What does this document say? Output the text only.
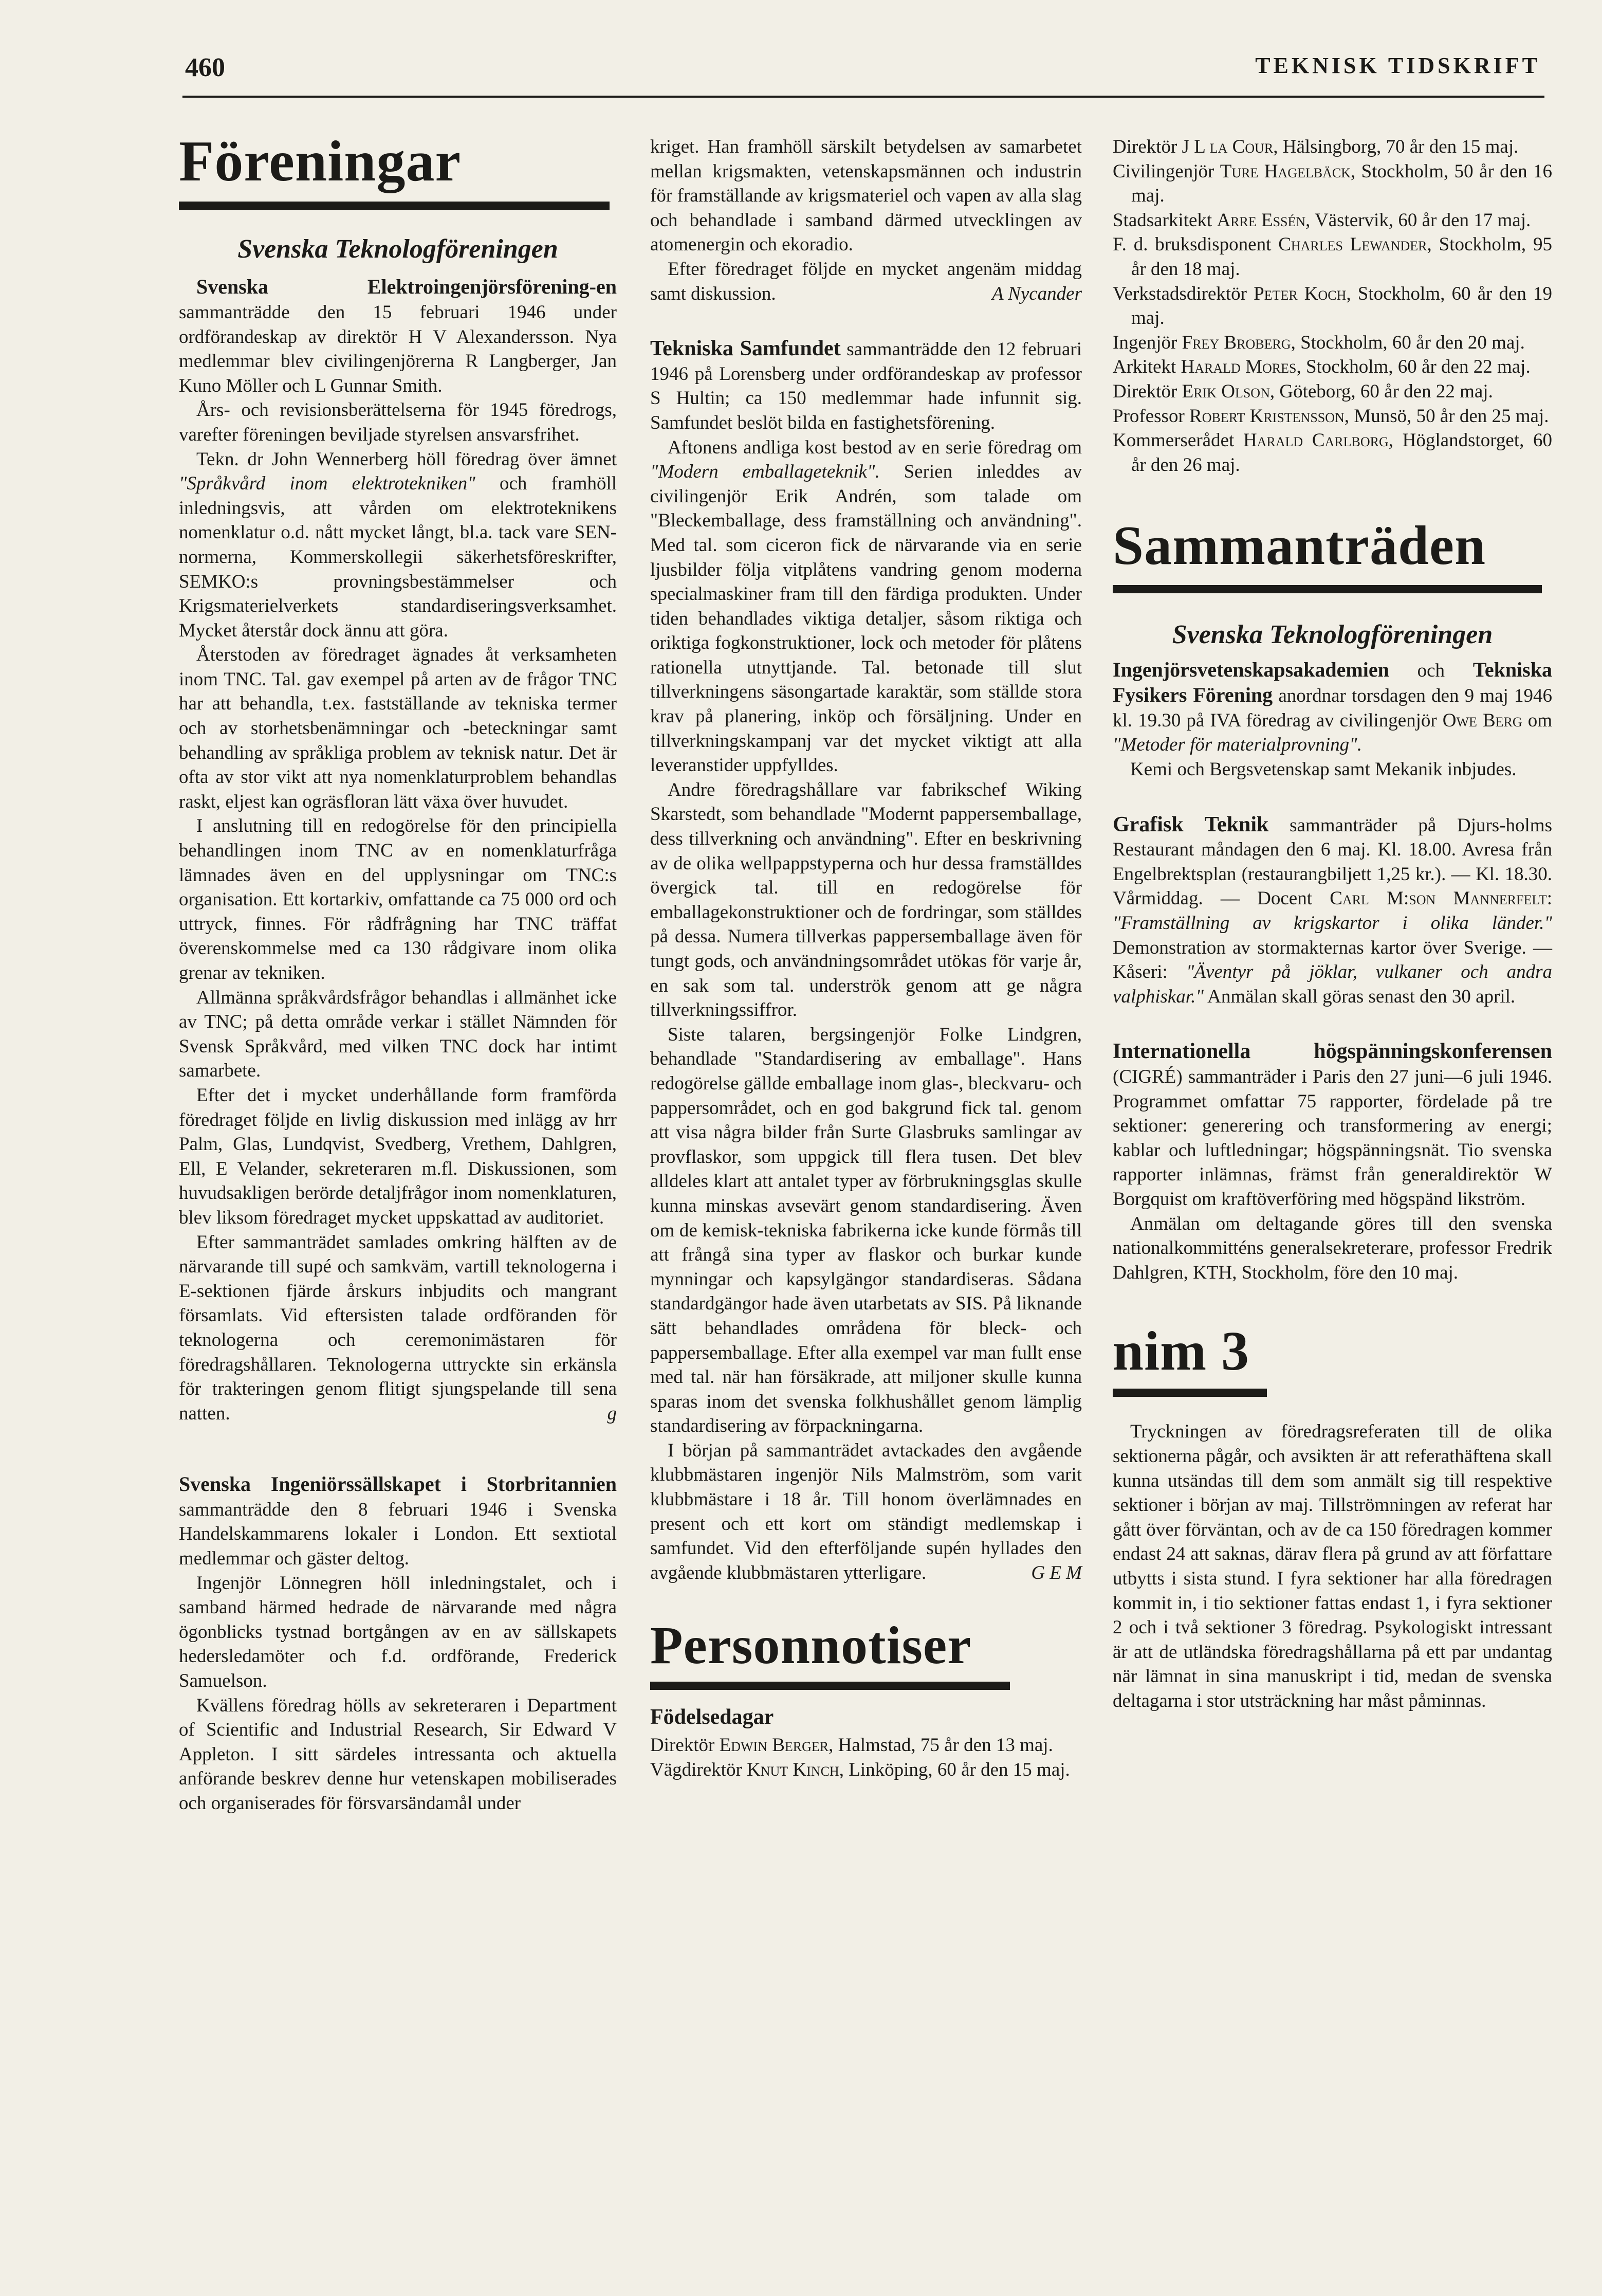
460	TEKNISK TIDSKRIFT
Föreningar
Svenska Teknologföreningen

Svenska Elektroingenjörsförening-en sammanträdde den 15 februari 1946 under ordförandeskap av direktör H V Alexandersson. Nya medlemmar blev civilingenjörerna R Langberger, Jan Kuno Möller och L Gunnar Smith.

Års- och revisionsberättelserna för 1945 föredrogs, varefter föreningen beviljade styrelsen ansvarsfrihet.

Tekn. dr John Wennerberg höll föredrag över ämnet "Språkvård inom elektrotekniken" och framhöll inledningsvis, att vården om elektroteknikens nomenklatur o.d. nått mycket långt, bl.a. tack vare SEN-normerna, Kommerskollegii säkerhetsföreskrifter, SEMKO:s provningsbestämmelser och Krigsmaterielverkets standardiseringsverksamhet. Mycket återstår dock ännu att göra.

Återstoden av föredraget ägnades åt verksamheten inom TNC. Tal. gav exempel på arten av de frågor TNC har att behandla, t.ex. fastställande av tekniska termer och av storhetsbenämningar och -beteckningar samt behandling av språkliga problem av teknisk natur. Det är ofta av stor vikt att nya nomenklaturproblem behandlas raskt, eljest kan ogräsfloran lätt växa över huvudet.

I anslutning till en redogörelse för den principiella behandlingen inom TNC av en nomenklaturfråga lämnades även en del upplysningar om TNC:s organisation. Ett kortarkiv, omfattande ca 75 000 ord och uttryck, finnes. För rådfrågning har TNC träffat överenskommelse med ca 130 rådgivare inom olika grenar av tekniken.

Allmänna språkvårdsfrågor behandlas i allmänhet icke av TNC; på detta område verkar i stället Nämnden för Svensk Språkvård, med vilken TNC dock har intimt samarbete.

Efter det i mycket underhållande form framförda föredraget följde en livlig diskussion med inlägg av hrr Palm, Glas, Lundqvist, Svedberg, Vrethem, Dahlgren, Ell, E Velander, sekreteraren m.fl. Diskussionen, som huvudsakligen berörde detaljfrågor inom nomenklaturen, blev liksom föredraget mycket uppskattad av auditoriet.

Efter sammanträdet samlades omkring hälften av de närvarande till supé och samkväm, vartill teknologerna i E-sektionen fjärde årskurs inbjudits och mangrant församlats. Vid eftersisten talade ordföranden för teknologerna och ceremonimästaren för föredragshållaren. Teknologerna uttryckte sin erkänsla för trakteringen genom flitigt sjungspelande till sena natten.	g

Svenska Ingeniörssällskapet i Storbritannien sammanträdde den 8 februari 1946 i Svenska Handelskammarens lokaler i London. Ett sextiotal medlemmar och gäster deltog.

Ingenjör Lönnegren höll inledningstalet, och i samband härmed hedrade de närvarande med några ögonblicks tystnad bortgången av en av sällskapets hedersledamöter och f.d. ordförande, Frederick Samuelson.

Kvällens föredrag hölls av sekreteraren i Department of Scientific and Industrial Research, Sir Edward V Appleton. I sitt särdeles intressanta och aktuella anförande beskrev denne hur vetenskapen mobiliserades och organiserades för försvarsändamål under

kriget. Han framhöll särskilt betydelsen av samarbetet mellan krigsmakten, vetenskapsmännen och industrin för framställande av krigsmateriel och vapen av alla slag och behandlade i samband därmed utvecklingen av atomenergin och ekoradio.

Efter föredraget följde en mycket angenäm middag samt diskussion.	A Nycander

Tekniska Samfundet sammanträdde den 12 februari 1946 på Lorensberg under ordförandeskap av professor S Hultin; ca 150 medlemmar hade infunnit sig. Samfundet beslöt bilda en fastighetsförening.

Aftonens andliga kost bestod av en serie föredrag om "Modern emballageteknik". Serien inleddes av civilingenjör Erik Andrén, som talade om "Bleckemballage, dess framställning och användning". Med tal. som ciceron fick de närvarande via en serie ljusbilder följa vitplåtens vandring genom moderna specialmaskiner fram till den färdiga produkten. Under tiden behandlades viktiga detaljer, såsom riktiga och oriktiga fogkonstruktioner, lock och metoder för plåtens rationella utnyttjande. Tal. betonade till slut tillverkningens säsongartade karaktär, som ställde stora krav på planering, inköp och försäljning. Under en tillverkningskampanj var det mycket viktigt att alla leveranstider uppfylldes.

Andre föredragshållare var fabrikschef Wiking Skarstedt, som behandlade "Modernt pappersemballage, dess tillverkning och användning". Efter en beskrivning av de olika wellpappstyperna och hur dessa framställdes övergick tal. till en redogörelse för emballagekonstruktioner och de fordringar, som ställdes på dessa. Numera tillverkas pappersemballage även för tungt gods, och användningsområdet utökas för varje år, en sak som tal. underströk genom att ge några tillverkningssiffror.

Siste talaren, bergsingenjör Folke Lindgren, behandlade "Standardisering av emballage". Hans redogörelse gällde emballage inom glas-, bleckvaru- och pappersområdet, och en god bakgrund fick tal. genom att visa några bilder från Surte Glasbruks samlingar av provflaskor, som uppgick till flera tusen. Det blev alldeles klart att antalet typer av förbrukningsglas skulle kunna minskas avsevärt genom standardisering. Även om de kemisk-tekniska fabrikerna icke kunde förmås till att frångå sina typer av flaskor och burkar kunde mynningar och kapsylgängor standardiseras. Sådana standardgängor hade även utarbetats av SIS. På liknande sätt behandlades områdena för bleck- och pappersemballage. Efter alla exempel var man fullt ense med tal. när han försäkrade, att miljoner skulle kunna sparas inom det svenska folkhushållet genom lämplig standardisering av förpackningarna.

I början på sammanträdet avtackades den avgående klubbmästaren ingenjör Nils Malmström, som varit klubbmästare i 18 år. Till honom överlämnades en present och ett kort om ständigt medlemskap i samfundet. Vid den efterföljande supén hyllades den avgående klubbmästaren ytterligare.	G E M

Personnotiser
Födelsedagar
Direktör Edwin Berger, Halmstad, 75 år den 13 maj.
Vägdirektör Knut Kinch, Linköping, 60 år den 15 maj.
Direktör J L la Cour, Hälsingborg, 70 år den 15 maj.
Civilingenjör Ture Hagelbäck, Stockholm, 50 år den 16 maj.
Stadsarkitekt Arre Essén, Västervik, 60 år den 17 maj.
F. d. bruksdisponent Charles Lewander, Stockholm, 95 år den 18 maj.
Verkstadsdirektör Peter Koch, Stockholm, 60 år den 19 maj.
Ingenjör Frey Broberg, Stockholm, 60 år den 20 maj.
Arkitekt Harald Mores, Stockholm, 60 år den 22 maj.
Direktör Erik Olson, Göteborg, 60 år den 22 maj.
Professor Robert Kristensson, Munsö, 50 år den 25 maj.
Kommerserådet Harald Carlborg, Höglandstorget, 60 år den 26 maj.
Sammanträden
Svenska Teknologföreningen

Ingenjörsvetenskapsakademien och Tekniska Fysikers Förening anordnar torsdagen den 9 maj 1946 kl. 19.30 på IVA föredrag av civilingenjör Owe Berg om "Metoder för materialprovning".

Kemi och Bergsvetenskap samt Mekanik inbjudes.

Grafisk Teknik sammanträder på Djurs-holms Restaurant måndagen den 6 maj. Kl. 18.00. Avresa från Engelbrektsplan (restaurangbiljett 1,25 kr.). — Kl. 18.30. Vårmiddag. — Docent Carl M:son Mannerfelt: "Framställning av krigskartor i olika länder." Demonstration av stormakternas kartor över Sverige. — Kåseri: "Äventyr på jöklar, vulkaner och andra valphiskar." Anmälan skall göras senast den 30 april.

Internationella högspänningskonferensen (CIGRÉ) sammanträder i Paris den 27 juni—6 juli 1946. Programmet omfattar 75 rapporter, fördelade på tre sektioner: generering och transformering av energi; kablar och luftledningar; högspänningsnät. Tio svenska rapporter inlämnas, främst från generaldirektör W Borgquist om kraftöverföring med högspänd likström.

Anmälan om deltagande göres till den svenska nationalkommitténs generalsekreterare, professor Fredrik Dahlgren, KTH, Stockholm, före den 10 maj.

nim 3

Tryckningen av föredragsreferaten till de olika sektionerna pågår, och avsikten är att referathäftena skall kunna utsändas till dem som anmält sig till respektive sektioner i början av maj. Tillströmningen av referat har gått över förväntan, och av de ca 150 föredragen kommer endast 24 att saknas, därav flera på grund av att författare utbytts i sista stund. I fyra sektioner har alla föredragen kommit in, i tio sektioner fattas endast 1, i fyra sektioner 2 och i två sektioner 3 föredrag. Psykologiskt intressant är att de utländska föredragshållarna på ett par undantag när lämnat in sina manuskript i tid, medan de svenska deltagarna i stor utsträckning har måst påminnas.
